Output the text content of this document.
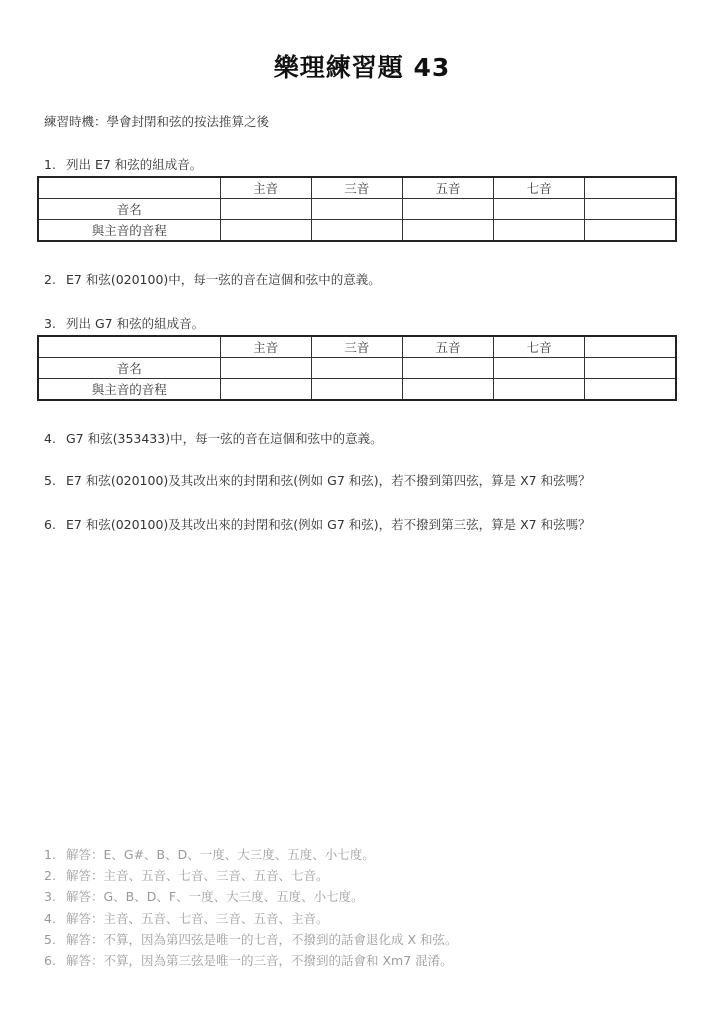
樂理練習題 43
練習時機：學會封閉和弦的按法推算之後
1. 列出 E7 和弦的組成音。
	主音	三音	五音	七音	
音名					
與主音的音程					
2. E7 和弦(020100)中，每一弦的音在這個和弦中的意義。
3. 列出 G7 和弦的組成音。
	主音	三音	五音	七音	
音名					
與主音的音程					
4. G7 和弦(353433)中，每一弦的音在這個和弦中的意義。
5. E7 和弦(020100)及其改出來的封閉和弦(例如 G7 和弦)，若不撥到第四弦，算是 X7 和弦嗎？
6. E7 和弦(020100)及其改出來的封閉和弦(例如 G7 和弦)，若不撥到第三弦，算是 X7 和弦嗎？
1. 解答：E、G#、B、D、一度、大三度、五度、小七度。
2. 解答：主音、五音、七音、三音、五音、七音。
3. 解答：G、B、D、F、一度、大三度、五度、小七度。
4. 解答：主音、五音、七音、三音、五音、主音。
5. 解答：不算，因為第四弦是唯一的七音，不撥到的話會退化成 X 和弦。
6. 解答：不算，因為第三弦是唯一的三音，不撥到的話會和 Xm7 混淆。
